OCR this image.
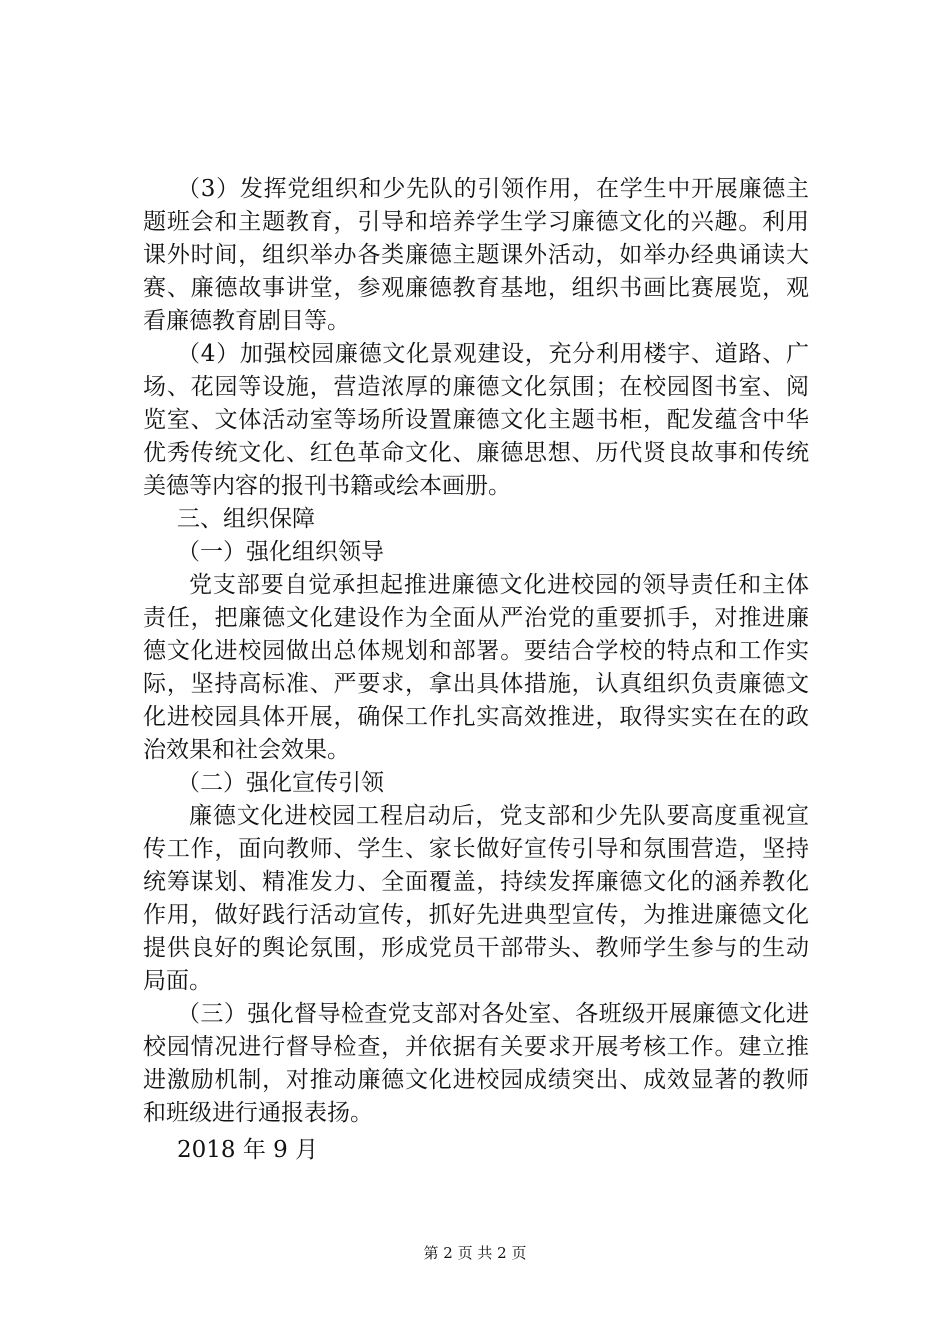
（3）发挥党组织和少先队的引领作用，在学生中开展廉德主题班会和主题教育，引导和培养学生学习廉德文化的兴趣。利用课外时间，组织举办各类廉德主题课外活动，如举办经典诵读大赛、廉德故事讲堂，参观廉德教育基地，组织书画比赛展览，观看廉德教育剧目等。

（4）加强校园廉德文化景观建设，充分利用楼宇、道路、广场、花园等设施，营造浓厚的廉德文化氛围；在校园图书室、阅览室、文体活动室等场所设置廉德文化主题书柜，配发蕴含中华优秀传统文化、红色革命文化、廉德思想、历代贤良故事和传统美德等内容的报刊书籍或绘本画册。

三、组织保障

（一）强化组织领导

党支部要自觉承担起推进廉德文化进校园的领导责任和主体责任，把廉德文化建设作为全面从严治党的重要抓手，对推进廉德文化进校园做出总体规划和部署。要结合学校的特点和工作实际，坚持高标准、严要求，拿出具体措施，认真组织负责廉德文化进校园具体开展，确保工作扎实高效推进，取得实实在在的政治效果和社会效果。

（二）强化宣传引领

廉德文化进校园工程启动后，党支部和少先队要高度重视宣传工作，面向教师、学生、家长做好宣传引导和氛围营造，坚持统筹谋划、精准发力、全面覆盖，持续发挥廉德文化的涵养教化作用，做好践行活动宣传，抓好先进典型宣传，为推进廉德文化提供良好的舆论氛围，形成党员干部带头、教师学生参与的生动局面。

（三）强化督导检查党支部对各处室、各班级开展廉德文化进校园情况进行督导检查，并依据有关要求开展考核工作。建立推进激励机制，对推动廉德文化进校园成绩突出、成效显著的教师和班级进行通报表扬。

2018 年 9 月

第 2 页 共 2 页
